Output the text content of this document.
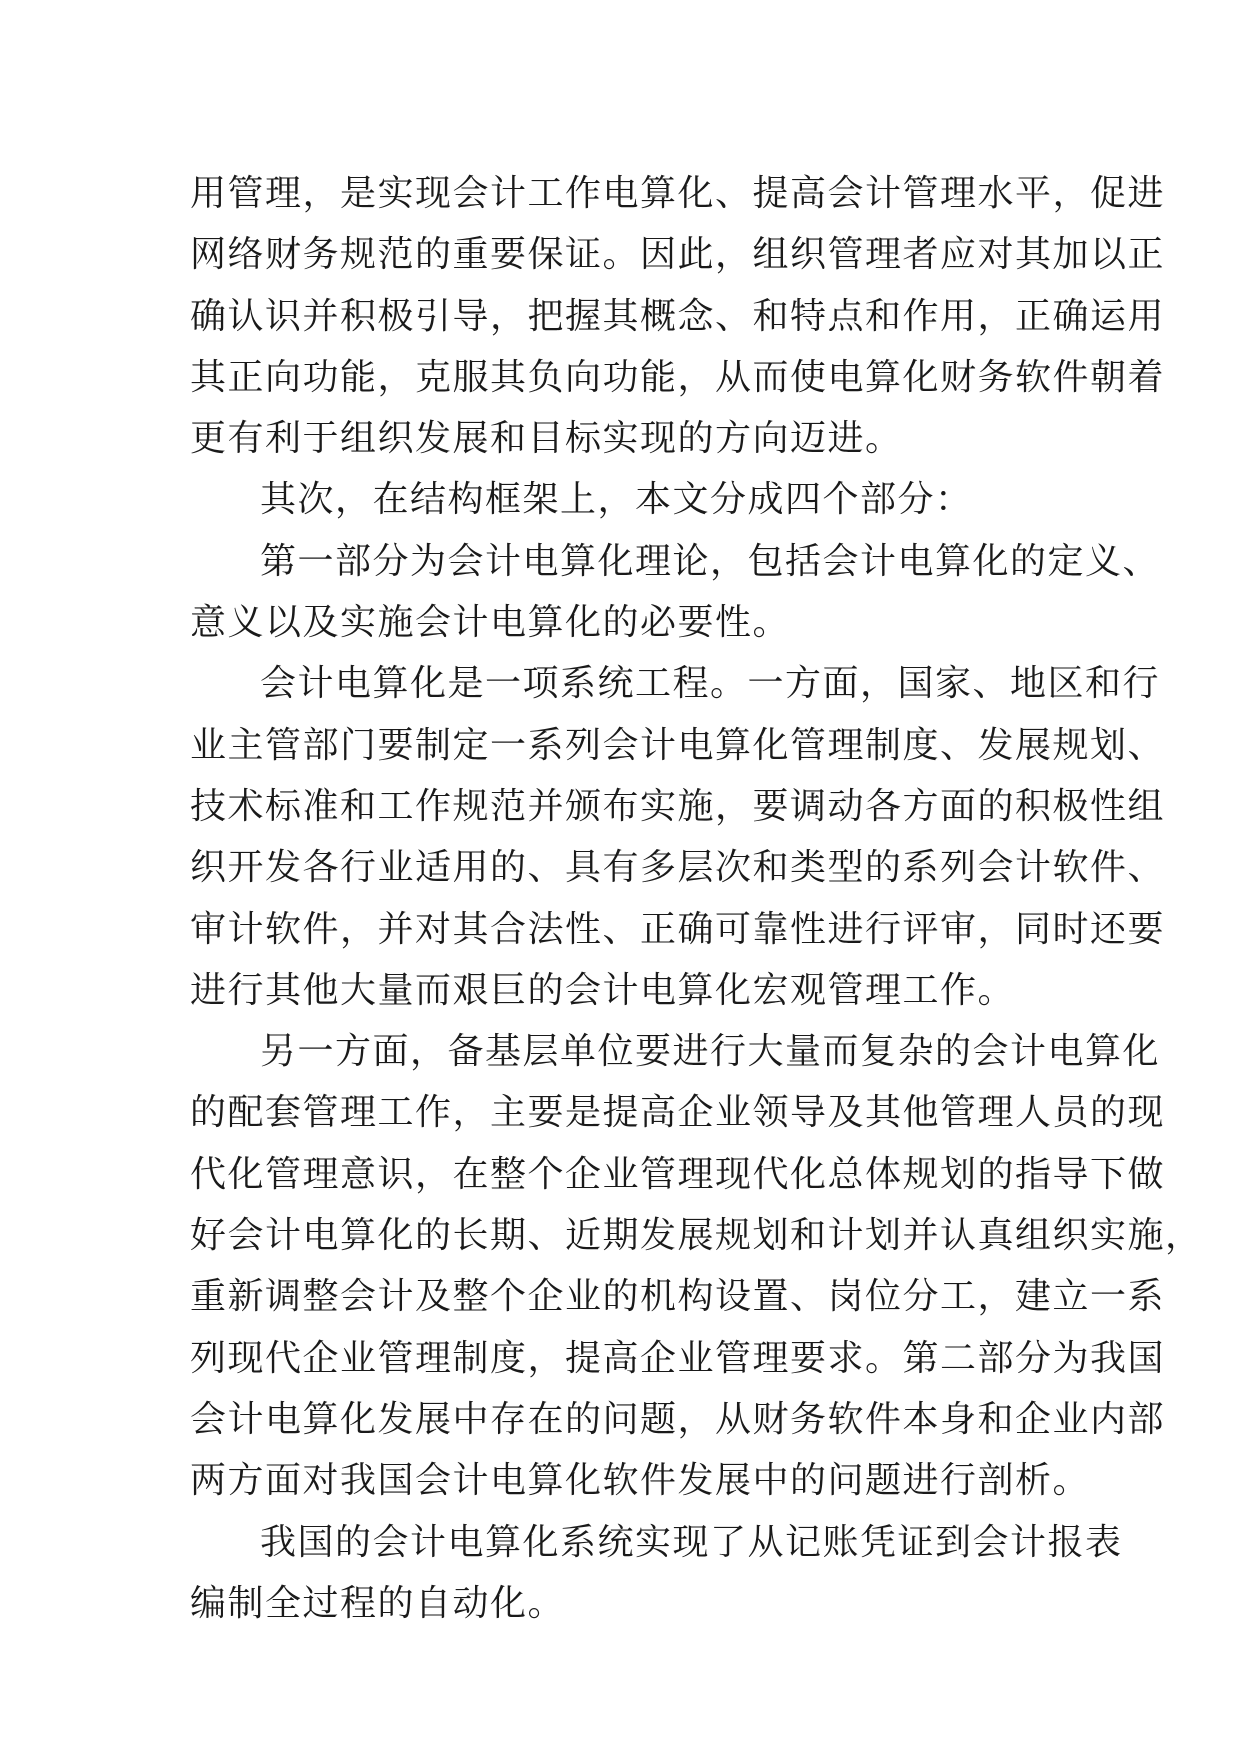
用管理，是实现会计工作电算化、提高会计管理水平，促进
网络财务规范的重要保证。因此，组织管理者应对其加以正
确认识并积极引导，把握其概念、和特点和作用，正确运用
其正向功能，克服其负向功能，从而使电算化财务软件朝着
更有利于组织发展和目标实现的方向迈进。
其次，在结构框架上，本文分成四个部分：
第一部分为会计电算化理论，包括会计电算化的定义、
意义以及实施会计电算化的必要性。
会计电算化是一项系统工程。一方面，国家、地区和行
业主管部门要制定一系列会计电算化管理制度、发展规划、
技术标准和工作规范并颁布实施，要调动各方面的积极性组
织开发各行业适用的、具有多层次和类型的系列会计软件、
审计软件，并对其合法性、正确可靠性进行评审，同时还要
进行其他大量而艰巨的会计电算化宏观管理工作。
另一方面，备基层单位要进行大量而复杂的会计电算化
的配套管理工作，主要是提高企业领导及其他管理人员的现
代化管理意识，在整个企业管理现代化总体规划的指导下做
好会计电算化的长期、近期发展规划和计划并认真组织实施，
重新调整会计及整个企业的机构设置、岗位分工，建立一系
列现代企业管理制度，提高企业管理要求。第二部分为我国
会计电算化发展中存在的问题，从财务软件本身和企业内部
两方面对我国会计电算化软件发展中的问题进行剖析。
我国的会计电算化系统实现了从记账凭证到会计报表
编制全过程的自动化。
